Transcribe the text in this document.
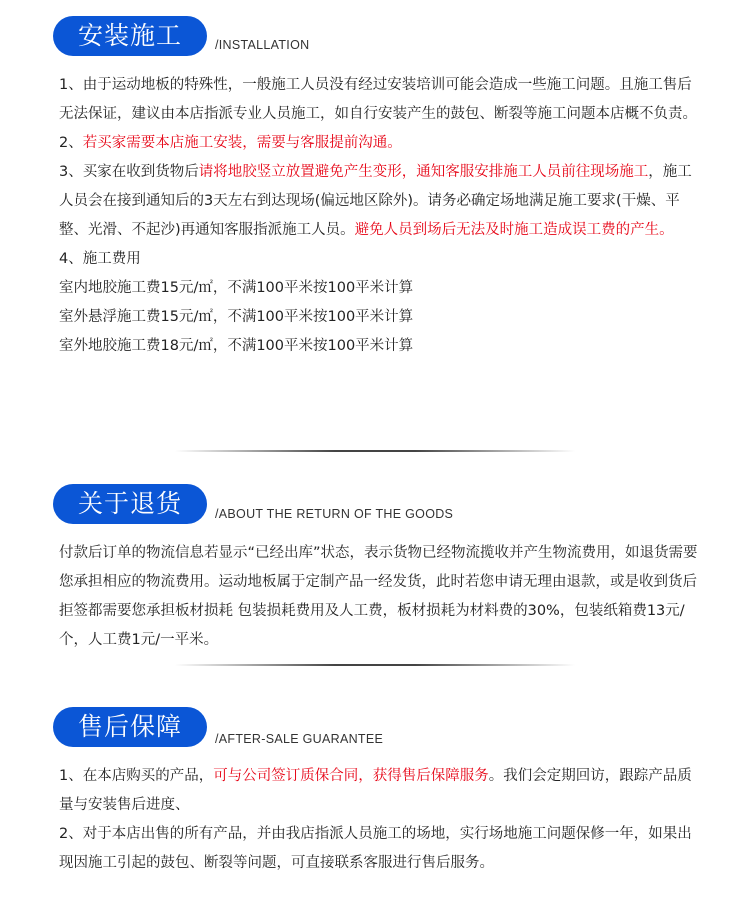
安装施工	/INSTALLATION

1、由于运动地板的特殊性，一般施工人员没有经过安装培训可能会造成一些施工问题。且施工售后无法保证，建议由本店指派专业人员施工，如自行安装产生的鼓包、断裂等施工问题本店概不负责。

2、若买家需要本店施工安装，需要与客服提前沟通。

3、买家在收到货物后请将地胶竖立放置避免产生变形，通知客服安排施工人员前往现场施工，施工人员会在接到通知后的3天左右到达现场(偏远地区除外)。请务必确定场地满足施工要求(干燥、平整、光滑、不起沙)再通知客服指派施工人员。避免人员到场后无法及时施工造成误工费的产生。

4、施工费用

室内地胶施工费15元/㎡，不满100平米按100平米计算

室外悬浮施工费15元/㎡，不满100平米按100平米计算

室外地胶施工费18元/㎡，不满100平米按100平米计算

关于退货	/ABOUT THE RETURN OF THE GOODS

付款后订单的物流信息若显示“已经出库”状态，表示货物已经物流揽收并产生物流费用，如退货需要您承担相应的物流费用。运动地板属于定制产品一经发货，此时若您申请无理由退款，或是收到货后拒签都需要您承担板材损耗 包装损耗费用及人工费，板材损耗为材料费的30%，包装纸箱费13元/个，人工费1元/一平米。

售后保障	/AFTER-SALE GUARANTEE

1、在本店购买的产品，可与公司签订质保合同，获得售后保障服务。我们会定期回访，跟踪产品质量与安装售后进度、

2、对于本店出售的所有产品，并由我店指派人员施工的场地，实行场地施工问题保修一年，如果出现因施工引起的鼓包、断裂等问题，可直接联系客服进行售后服务。
